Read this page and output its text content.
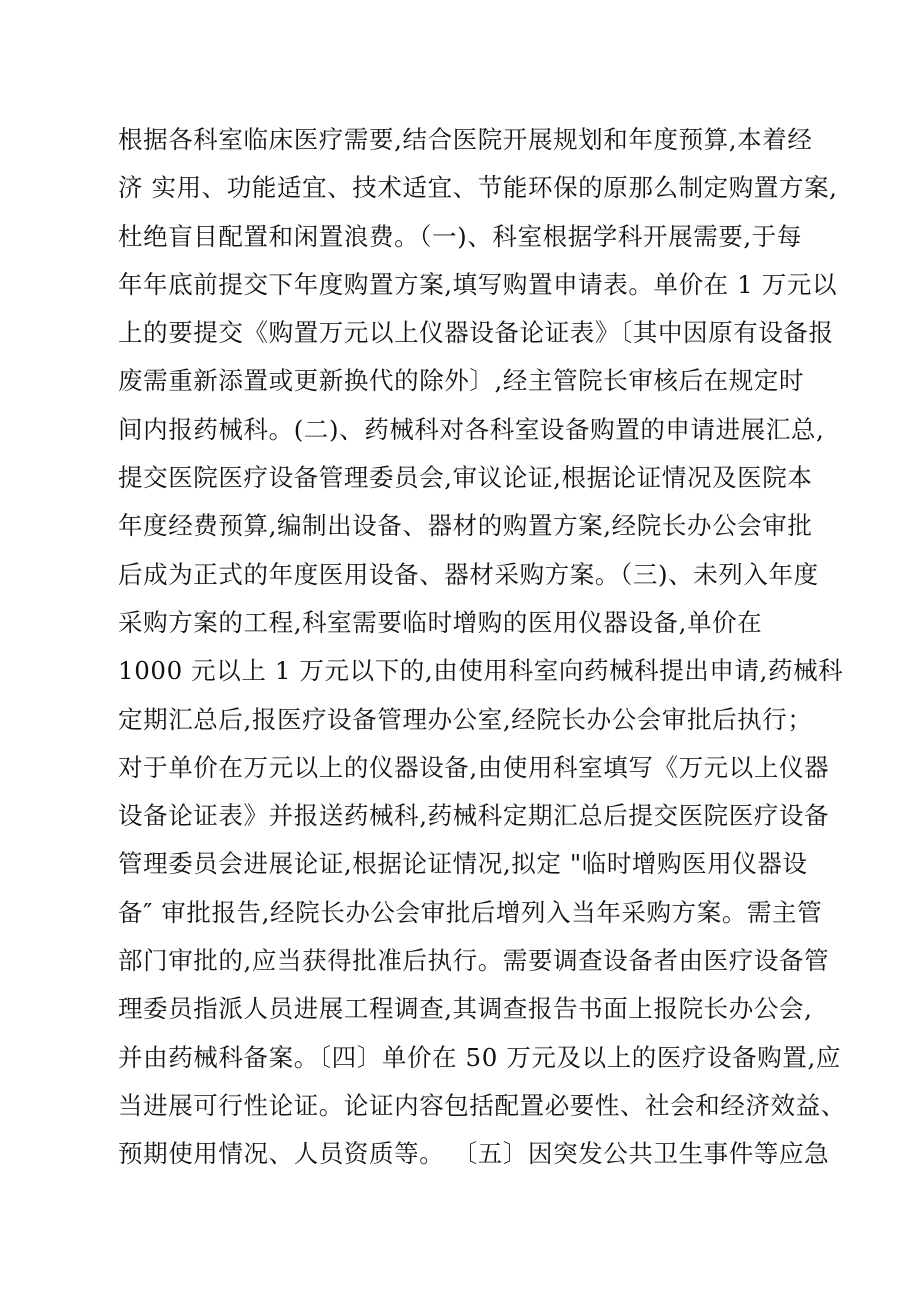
根据各科室临床医疗需要,结合医院开展规划和年度预算,本着经
济 实用、功能适宜、技术适宜、节能环保的原那么制定购置方案,
杜绝盲目配置和闲置浪费。（一)、科室根据学科开展需要,于每
年年底前提交下年度购置方案,填写购置申请表。单价在 1 万元以
上的要提交《购置万元以上仪器设备论证表》〔其中因原有设备报
废需重新添置或更新换代的除外〕,经主管院长审核后在规定时
间内报药械科。(二)、药械科对各科室设备购置的申请进展汇总,
提交医院医疗设备管理委员会,审议论证,根据论证情况及医院本
年度经费预算,编制出设备、器材的购置方案,经院长办公会审批
后成为正式的年度医用设备、器材采购方案。（三)、未列入年度
采购方案的工程,科室需要临时增购的医用仪器设备,单价在
1000 元以上 1 万元以下的,由使用科室向药械科提出申请,药械科
定期汇总后,报医疗设备管理办公室,经院长办公会审批后执行；
对于单价在万元以上的仪器设备,由使用科室填写《万元以上仪器
设备论证表》并报送药械科,药械科定期汇总后提交医院医疗设备
管理委员会进展论证,根据论证情况,拟定 "临时增购医用仪器设
备″ 审批报告,经院长办公会审批后增列入当年采购方案。需主管
部门审批的,应当获得批准后执行。需要调查设备者由医疗设备管
理委员指派人员进展工程调查,其调查报告书面上报院长办公会,
并由药械科备案。〔四〕单价在 50 万元及以上的医疗设备购置,应
当进展可行性论证。论证内容包括配置必要性、社会和经济效益、
预期使用情况、人员资质等。 〔五〕因突发公共卫生事件等应急
